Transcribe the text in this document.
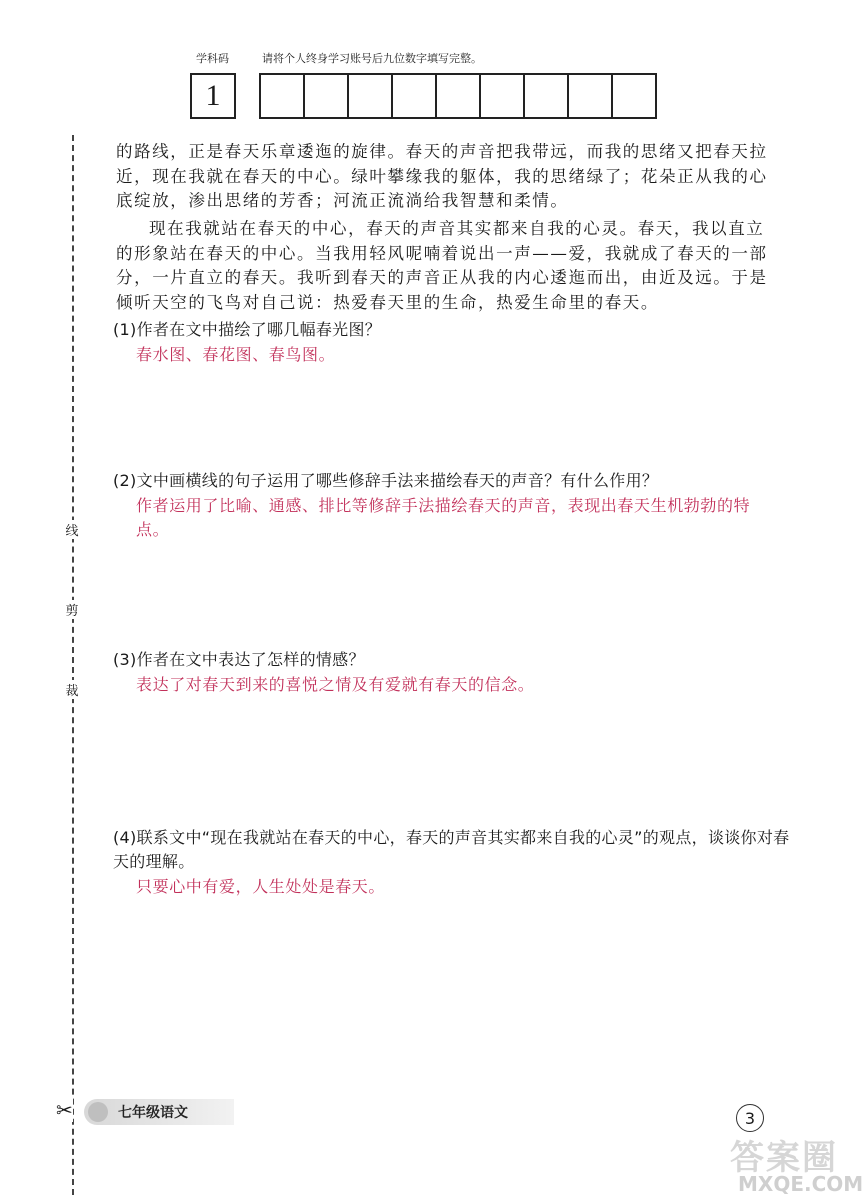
学科码	请将个人终身学习账号后九位数字填写完整。
1
线
剪
裁

的路线，正是春天乐章逶迤的旋律。春天的声音把我带远，而我的思绪又把春天拉近，现在我就在春天的中心。绿叶攀缘我的躯体，我的思绪绿了；花朵正从我的心底绽放，渗出思绪的芳香；河流正流淌给我智慧和柔情。

现在我就站在春天的中心，春天的声音其实都来自我的心灵。春天，我以直立的形象站在春天的中心。当我用轻风呢喃着说出一声——爱，我就成了春天的一部分，一片直立的春天。我听到春天的声音正从我的内心逶迤而出，由近及远。于是倾听天空的飞鸟对自己说：热爱春天里的生命，热爱生命里的春天。

(1)作者在文中描绘了哪几幅春光图？

春水图、春花图、春鸟图。

(2)文中画横线的句子运用了哪些修辞手法来描绘春天的声音？有什么作用？

作者运用了比喻、通感、排比等修辞手法描绘春天的声音，表现出春天生机勃勃的特点。

(3)作者在文中表达了怎样的情感？

表达了对春天到来的喜悦之情及有爱就有春天的信念。

(4)联系文中“现在我就站在春天的中心，春天的声音其实都来自我的心灵”的观点，谈谈你对春天的理解。

只要心中有爱，人生处处是春天。

✂	七年级语文	3
答案圈
MXQE.COM
